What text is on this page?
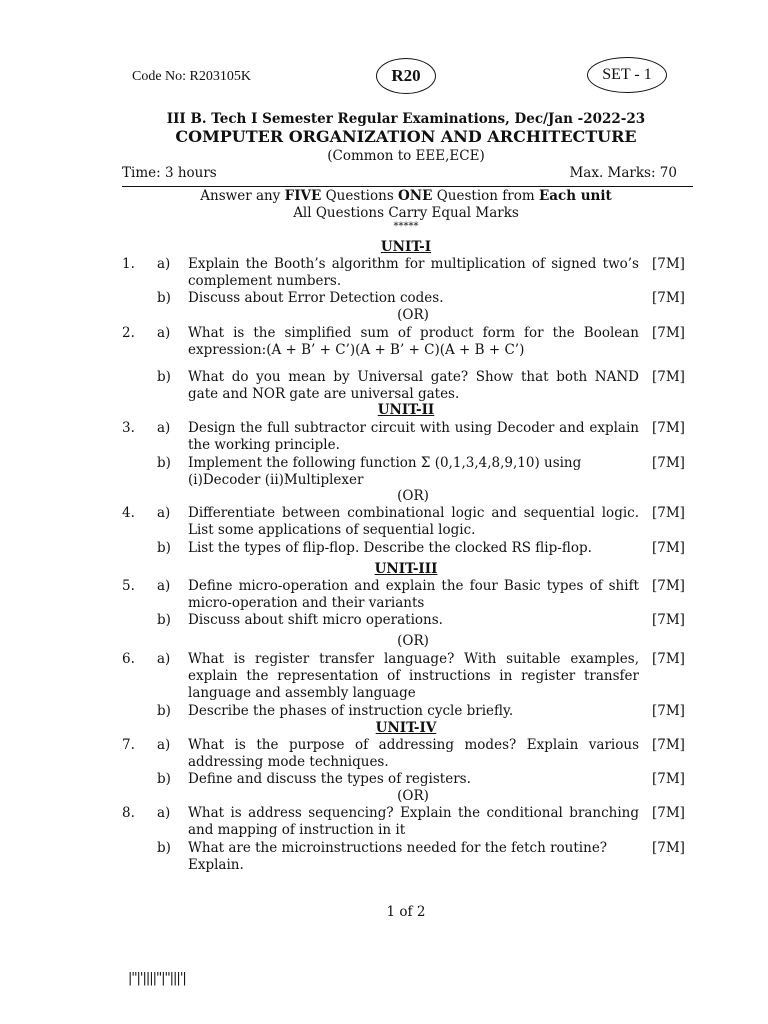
Code No: R203105K	R20	SET - 1
III B. Tech I Semester Regular Examinations, Dec/Jan -2022-23
COMPUTER ORGANIZATION AND ARCHITECTURE
(Common to EEE,ECE)
Time: 3 hours	Max. Marks: 70
Answer any FIVE Questions ONE Question from Each unit
All Questions Carry Equal Marks
*****
UNIT-I
1.	a)	Explain the Booth’s algorithm for multiplication of signed two’s complement numbers.
[7M]
b)	Discuss about Error Detection codes.	[7M]
(OR)
2.	a)	What is the simplified sum of product form for the Boolean expression:(A + B’ + C’)(A + B’ + C)(A + B + C’)
[7M]
b)	What do you mean by Universal gate? Show that both NAND gate and NOR gate are universal gates.
[7M]
UNIT-II
3.	a)	Design the full subtractor circuit with using Decoder and explain the working principle.
[7M]
b)	Implement the following function Σ (0,1,3,4,8,9,10) using
(i)Decoder (ii)Multiplexer
[7M]
(OR)
4.	a)	Differentiate between combinational logic and sequential logic. List some applications of sequential logic.
[7M]
b)	List the types of flip-flop. Describe the clocked RS flip-flop.	[7M]
UNIT-III
5.	a)	Define micro-operation and explain the four Basic types of shift micro-operation and their variants
[7M]
b)	Discuss about shift micro operations.	[7M]
(OR)
6.	a)	What is register transfer language? With suitable examples, explain the representation of instructions in register transfer language and assembly language
[7M]
b)	Describe the phases of instruction cycle briefly.	[7M]
UNIT-IV
7.	a)	What is the purpose of addressing modes? Explain various addressing mode techniques.
[7M]
b)	Define and discuss the types of registers.	[7M]
(OR)
8.	a)	What is address sequencing? Explain the conditional branching and mapping of instruction in it
[7M]
b)	What are the microinstructions needed for the fetch routine?
Explain.
[7M]
1 of 2
|''|'||||''|''|||'|
